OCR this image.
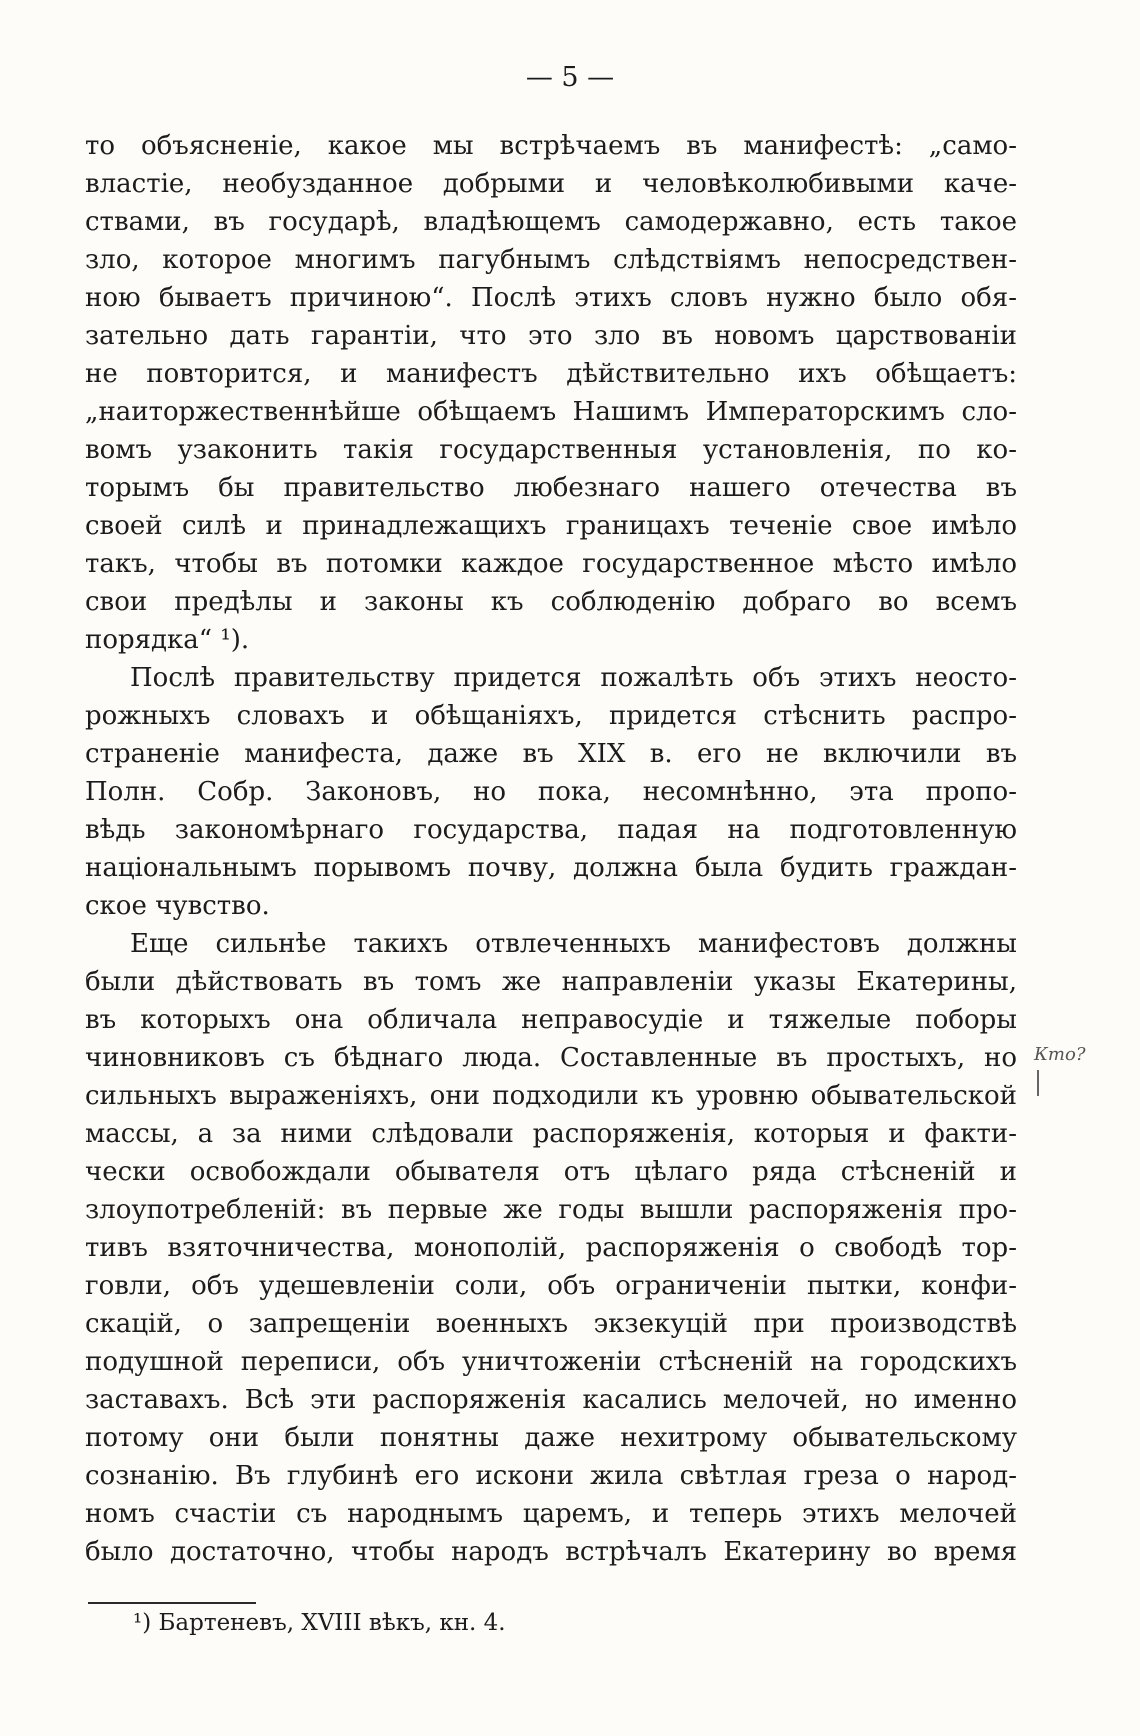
— 5 —

то объясненіе, какое мы встрѣчаемъ въ манифестѣ: „само-

властіе, необузданное добрыми и человѣколюбивыми каче-

ствами, въ государѣ, владѣющемъ самодержавно, есть такое

зло, которое многимъ пагубнымъ слѣдствіямъ непосредствен-

ною бываетъ причиною“. Послѣ этихъ словъ нужно было обя-

зательно дать гарантіи, что это зло въ новомъ царствованіи

не повторится, и манифестъ дѣйствительно ихъ обѣщаетъ:

„наиторжественнѣйше обѣщаемъ Нашимъ Императорскимъ сло-

вомъ узаконить такія государственныя установленія, по ко-

торымъ бы правительство любезнаго нашего отечества въ

своей силѣ и принадлежащихъ границахъ теченіе свое имѣло

такъ, чтобы въ потомки каждое государственное мѣсто имѣло

свои предѣлы и законы къ соблюденію добраго во всемъ

порядка“ ¹).

Послѣ правительству придется пожалѣть объ этихъ неосто-

рожныхъ словахъ и обѣщаніяхъ, придется стѣснить распро-

страненіе манифеста, даже въ XIX в. его не включили въ

Полн. Собр. Законовъ, но пока, несомнѣнно, эта пропо-

вѣдь закономѣрнаго государства, падая на подготовленную

національнымъ порывомъ почву, должна была будить граждан-

ское чувство.

Еще сильнѣе такихъ отвлеченныхъ манифестовъ должны

были дѣйствовать въ томъ же направленіи указы Екатерины,

въ которыхъ она обличала неправосудіе и тяжелые поборы

чиновниковъ съ бѣднаго люда. Составленные въ простыхъ, но

сильныхъ выраженіяхъ, они подходили къ уровню обывательской

массы, а за ними слѣдовали распоряженія, которыя и факти-

чески освобождали обывателя отъ цѣлаго ряда стѣсненій и

злоупотребленій: въ первые же годы вышли распоряженія про-

тивъ взяточничества, монополій, распоряженія о свободѣ тор-

говли, объ удешевленіи соли, объ ограниченіи пытки, конфи-

скацій, о запрещеніи военныхъ экзекуцій при производствѣ

подушной переписи, объ уничтоженіи стѣсненій на городскихъ

заставахъ. Всѣ эти распоряженія касались мелочей, но именно

потому они были понятны даже нехитрому обывательскому

сознанію. Въ глубинѣ его искони жила свѣтлая греза о народ-

номъ счастіи съ народнымъ царемъ, и теперь этихъ мелочей

было достаточно, чтобы народъ встрѣчалъ Екатерину во время

Кто?

¹) Бартеневъ, XVIII вѣкъ, кн. 4.
